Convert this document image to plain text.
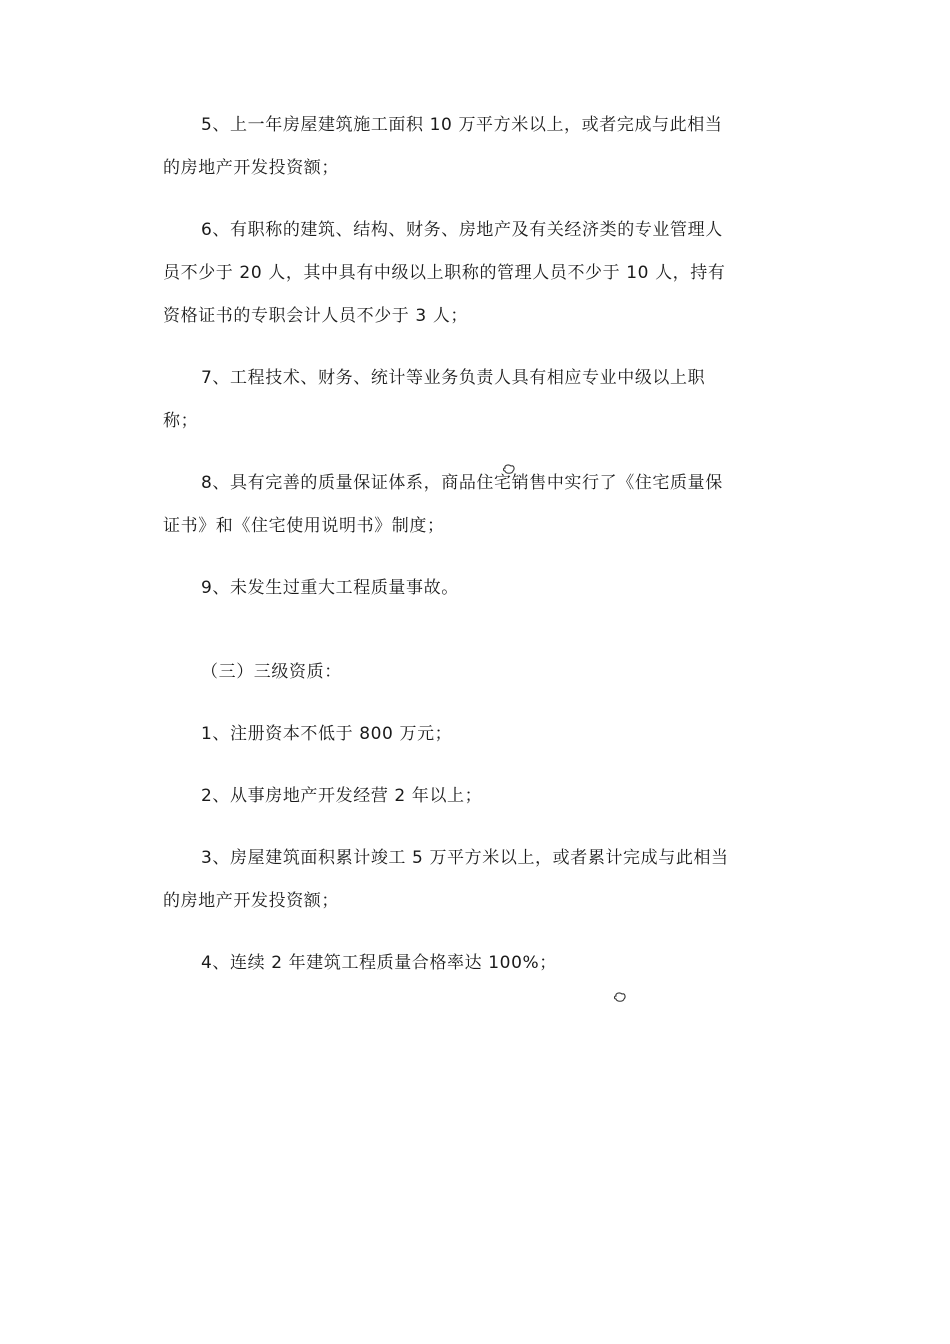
5、上一年房屋建筑施工面积 10 万平方米以上，或者完成与此相当的房地产开发投资额；

6、有职称的建筑、结构、财务、房地产及有关经济类的专业管理人员不少于 20 人，其中具有中级以上职称的管理人员不少于 10 人，持有资格证书的专职会计人员不少于 3 人；

7、工程技术、财务、统计等业务负责人具有相应专业中级以上职称；

8、具有完善的质量保证体系，商品住宅销售中实行了《住宅质量保证书》和《住宅使用说明书》制度；

9、未发生过重大工程质量事故。

（三）三级资质：

1、注册资本不低于 800 万元；

2、从事房地产开发经营 2 年以上；

3、房屋建筑面积累计竣工 5 万平方米以上，或者累计完成与此相当的房地产开发投资额；

4、连续 2 年建筑工程质量合格率达 100%；
